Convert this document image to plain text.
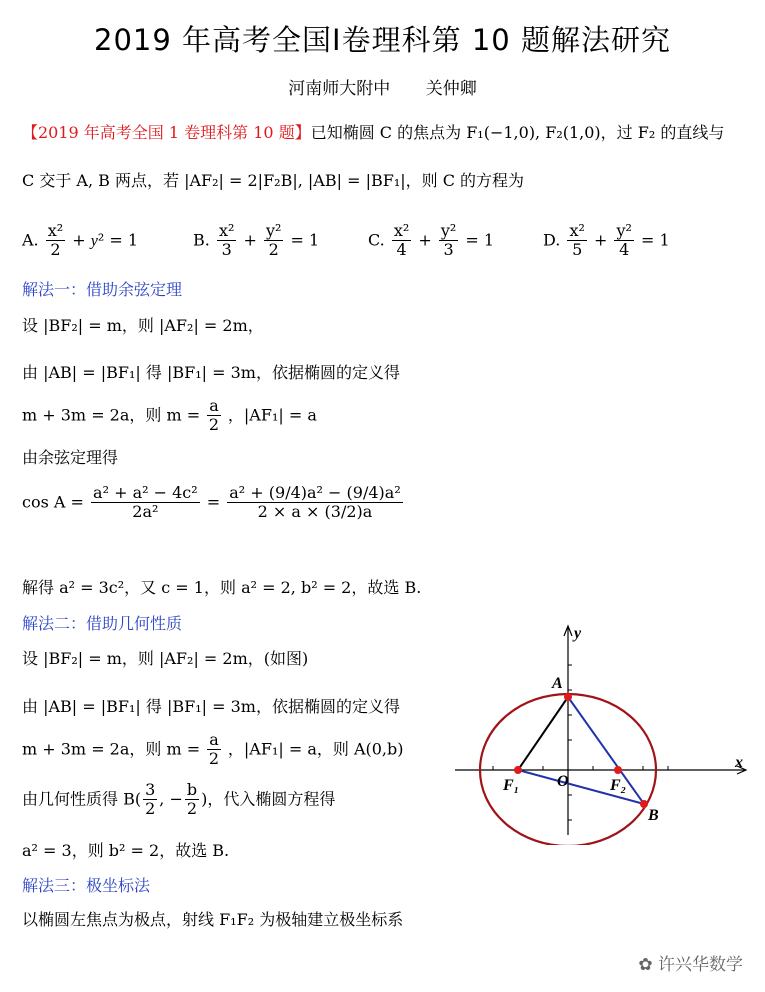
2019 年高考全国Ⅰ卷理科第 10 题解法研究
河南师大附中 关仲卿
【2019 年高考全国 1 卷理科第 10 题】已知椭圆 C 的焦点为 F₁(−1,0), F₂(1,0)，过 F₂ 的直线与
C 交于 A, B 两点，若 |AF₂| = 2|F₂B|, |AB| = |BF₁|，则 C 的方程为
A. $\frac{\text{x²}}{2} + y^2 = 1$	B. $\frac{\text{x²}}{3} + \frac{\text{y²}}{2} = 1$	C. $\frac{\text{x²}}{4} + \frac{\text{y²}}{3} = 1$	D. $\frac{\text{x²}}{5} + \frac{\text{y²}}{4} = 1$
解法一：借助余弦定理
设 |BF₂| = m，则 |AF₂| = 2m，
由 |AB| = |BF₁| 得 |BF₁| = 3m，依据椭圆的定义得
m + 3m = 2a，则 $m = \frac{a}{2}$ ，|AF₁| = a
由余弦定理得
$\cos A = \frac{\text{a² + a² − 4c²}}{\text{2a²}} = \frac{\text{a² + (9/4)a² − (9/4)a²}}{2 \times a \times (3/2)a}$
解得 a² = 3c²，又 c = 1，则 a² = 2, b² = 2，故选 B.
解法二：借助几何性质
设 |BF₂| = m，则 |AF₂| = 2m，(如图)
由 |AB| = |BF₁| 得 |BF₁| = 3m，依据椭圆的定义得
m + 3m = 2a，则 $m = \frac{a}{2}$ ，|AF₁| = a，则 A(0,b)
由几何性质得 $B( \frac{3}{2}$ , − $\frac{b}{2}$ )，代入椭圆方程得
a² = 3，则 b² = 2，故选 B.
解法三：极坐标法
以椭圆左焦点为极点，射线 F₁F₂ 为极轴建立极坐标系
y
x
A
O
F₁	F₂
B
✿ 许兴华数学
